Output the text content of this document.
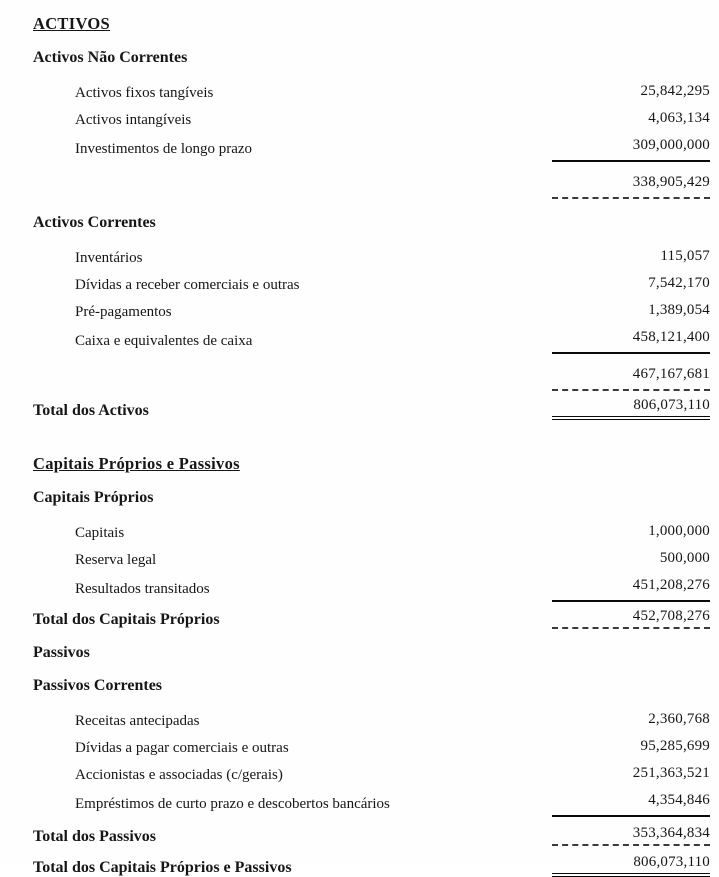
ACTIVOS
Activos Não Correntes
Activos fixos tangíveis	25,842,295
Activos intangíveis	4,063,134
Investimentos de longo prazo	309,000,000
338,905,429
Activos Correntes
Inventários	115,057
Dívidas a receber comerciais e outras	7,542,170
Pré-pagamentos	1,389,054
Caixa e equivalentes de caixa	458,121,400
467,167,681
Total dos Activos	806,073,110
Capitais Próprios e Passivos
Capitais Próprios
Capitais	1,000,000
Reserva legal	500,000
Resultados transitados	451,208,276
Total dos Capitais Próprios	452,708,276
Passivos
Passivos Correntes
Receitas antecipadas	2,360,768
Dívidas a pagar comerciais e outras	95,285,699
Accionistas e associadas (c/gerais)	251,363,521
Empréstimos de curto prazo e descobertos bancários	4,354,846
Total dos Passivos	353,364,834
Total dos Capitais Próprios e Passivos	806,073,110
